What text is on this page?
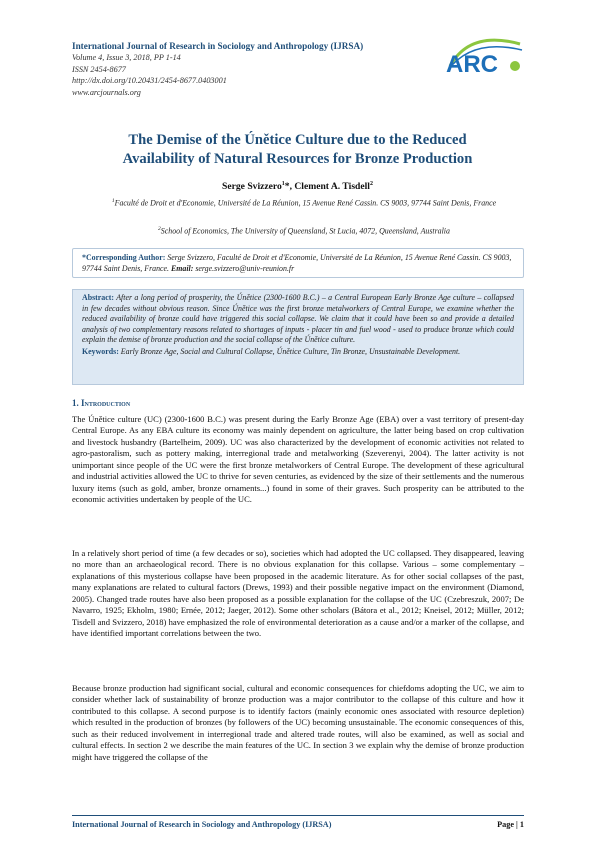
International Journal of Research in Sociology and Anthropology (IJRSA)
Volume 4, Issue 3, 2018, PP 1-14
ISSN 2454-8677
http://dx.doi.org/10.20431/2454-8677.0403001
www.arcjournals.org
ARC
The Demise of the Únětice Culture due to the Reduced
Availability of Natural Resources for Bronze Production
Serge Svizzero$^1$*, Clement A. Tisdell$^2$
$^1$Faculté de Droit et d'Economie, Université de La Réunion, 15 Avenue René Cassin. CS 9003, 97744 Saint Denis, France
$^2$School of Economics, The University of Queensland, St Lucia, 4072, Queensland, Australia
*Corresponding Author: Serge Svizzero, Faculté de Droit et d'Economie, Université de La Réunion, 15 Avenue René Cassin. CS 9003, 97744 Saint Denis, France. Email: serge.svizzero@univ-reunion.fr

Abstract: After a long period of prosperity, the Únětice (2300-1600 B.C.) – a Central European Early Bronze Age culture – collapsed in few decades without obvious reason. Since Únětice was the first bronze metalworkers of Central Europe, we examine whether the reduced availability of bronze could have triggered this social collapse. We claim that it could have been so and provide a detailed analysis of two complementary reasons related to shortages of inputs - placer tin and fuel wood - used to produce bronze which could explain the demise of bronze production and the social collapse of the Únětice culture.

Keywords: Early Bronze Age, Social and Cultural Collapse, Únětice Culture, Tin Bronze, Unsustainable Development.

1. Introduction

The Únětice culture (UC) (2300-1600 B.C.) was present during the Early Bronze Age (EBA) over a vast territory of present-day Central Europe. As any EBA culture its economy was mainly dependent on agriculture, the latter being based on crop cultivation and livestock husbandry (Bartelheim, 2009). UC was also characterized by the development of economic activities not related to agro-pastoralism, such as pottery making, interregional trade and metalworking (Szeverenyi, 2004). The latter activity is not unimportant since people of the UC were the first bronze metalworkers of Central Europe. The development of these agricultural and industrial activities allowed the UC to thrive for seven centuries, as evidenced by the size of their settlements and the numerous luxury items (such as gold, amber, bronze ornaments...) found in some of their graves. Such prosperity can be attributed to the economic activities undertaken by people of the UC.

In a relatively short period of time (a few decades or so), societies which had adopted the UC collapsed. They disappeared, leaving no more than an archaeological record. There is no obvious explanation for this collapse. Various – some complementary – explanations of this mysterious collapse have been proposed in the academic literature. As for other social collapses of the past, many explanations are related to cultural factors (Drews, 1993) and their possible negative impact on the environment (Diamond, 2005). Changed trade routes have also been proposed as a possible explanation for the collapse of the UC (Czebreszuk, 2007; De Navarro, 1925; Ekholm, 1980; Ernée, 2012; Jaeger, 2012). Some other scholars (Bátora et al., 2012; Kneisel, 2012; Müller, 2012; Tisdell and Svizzero, 2018) have emphasized the role of environmental deterioration as a cause and/or a marker of the collapse, and have identified important correlations between the two.

Because bronze production had significant social, cultural and economic consequences for chiefdoms adopting the UC, we aim to consider whether lack of sustainability of bronze production was a major contributor to the collapse of this culture and how it contributed to this collapse. A second purpose is to identify factors (mainly economic ones associated with resource depletion) which resulted in the production of bronzes (by followers of the UC) becoming unsustainable. The economic consequences of this, such as their reduced involvement in interregional trade and altered trade routes, will also be examined, as well as social and cultural effects. In section 2 we describe the main features of the UC. In section 3 we explain why the demise of bronze production might have triggered the collapse of the

International Journal of Research in Sociology and Anthropology (IJRSA)	Page | 1
